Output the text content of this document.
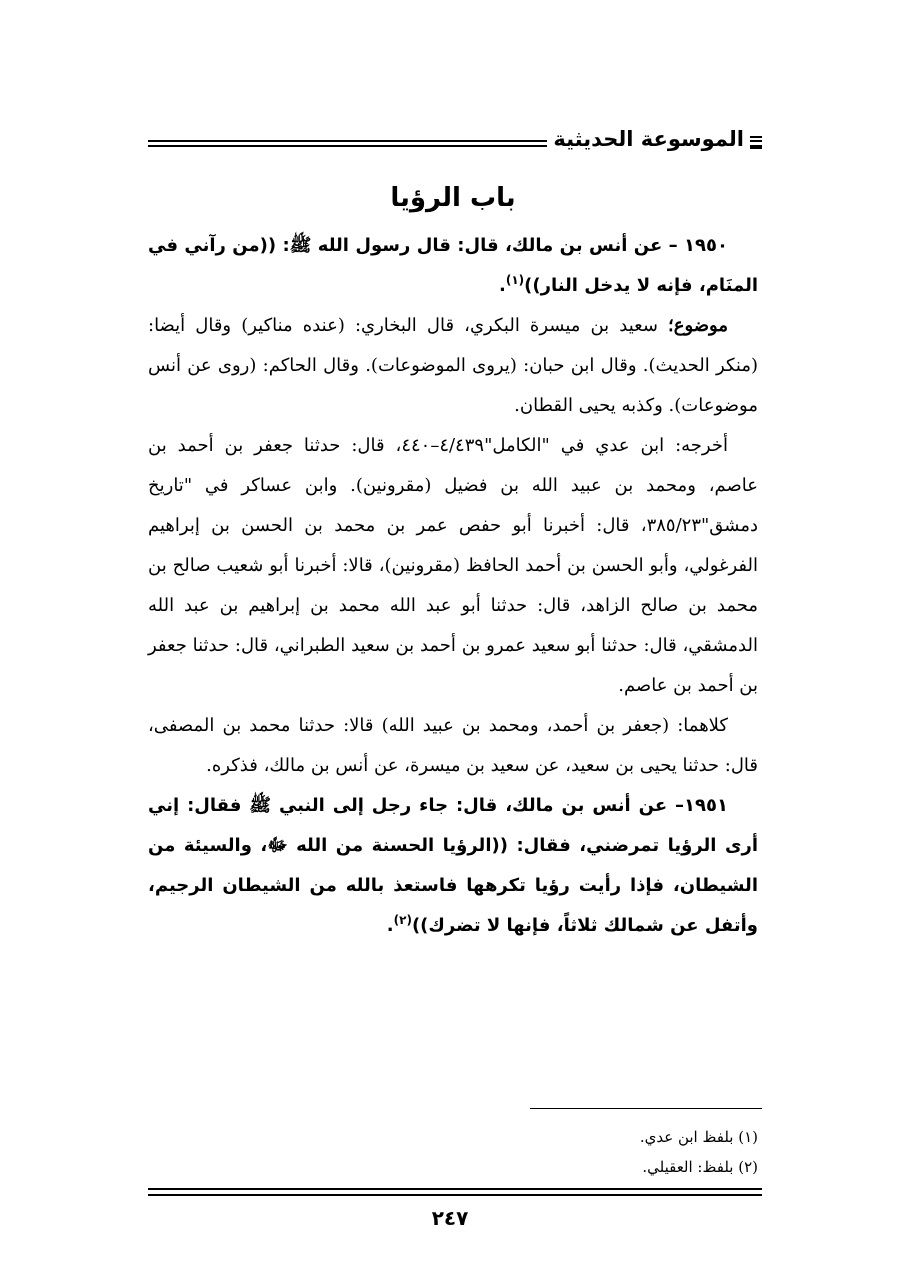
الموسوعة الحديثية
باب الرؤيا

١٩٥٠ – عن أنس بن مالك، قال: قال رسول الله ﷺ: ((من رآني في المنَام، فإنه لا يدخل النار))$^{(١)}$.

موضوع؛ سعيد بن ميسرة البكري، قال البخاري: (عنده مناكير) وقال أيضا: (منكر الحديث). وقال ابن حبان: (يروى الموضوعات). وقال الحاكم: (روى عن أنس موضوعات). وكذبه يحيى القطان.

أخرجه: ابن عدي في "الكامل"٤/٤٣٩–٤٤٠، قال: حدثنا جعفر بن أحمد بن عاصم، ومحمد بن عبيد الله بن فضيل (مقرونين). وابن عساكر في "تاريخ دمشق"٣٨٥/٢٣، قال: أخبرنا أبو حفص عمر بن محمد بن الحسن بن إبراهيم الفرغولي، وأبو الحسن بن أحمد الحافظ (مقرونين)، قالا: أخبرنا أبو شعيب صالح بن محمد بن صالح الزاهد، قال: حدثنا أبو عبد الله محمد بن إبراهيم بن عبد الله الدمشقي، قال: حدثنا أبو سعيد عمرو بن أحمد بن سعيد الطبراني، قال: حدثنا جعفر بن أحمد بن عاصم.

كلاهما: (جعفر بن أحمد، ومحمد بن عبيد الله) قالا: حدثنا محمد بن المصفى، قال: حدثنا يحيى بن سعيد، عن سعيد بن ميسرة، عن أنس بن مالك، فذكره.

١٩٥١– عن أنس بن مالك، قال: جاء رجل إلى النبي ﷺ فقال: إني أرى الرؤيا تمرضني، فقال: ((الرؤيا الحسنة من الله ﷻ، والسيئة من الشيطان، فإذا رأيت رؤيا تكرهها فاستعذ بالله من الشيطان الرجيم، وأتفل عن شمالك ثلاثاً، فإنها لا تضرك))$^{(٢)}$.

(١) بلفظ ابن عدي.
(٢) بلفظ: العقيلي.
٢٤٧
